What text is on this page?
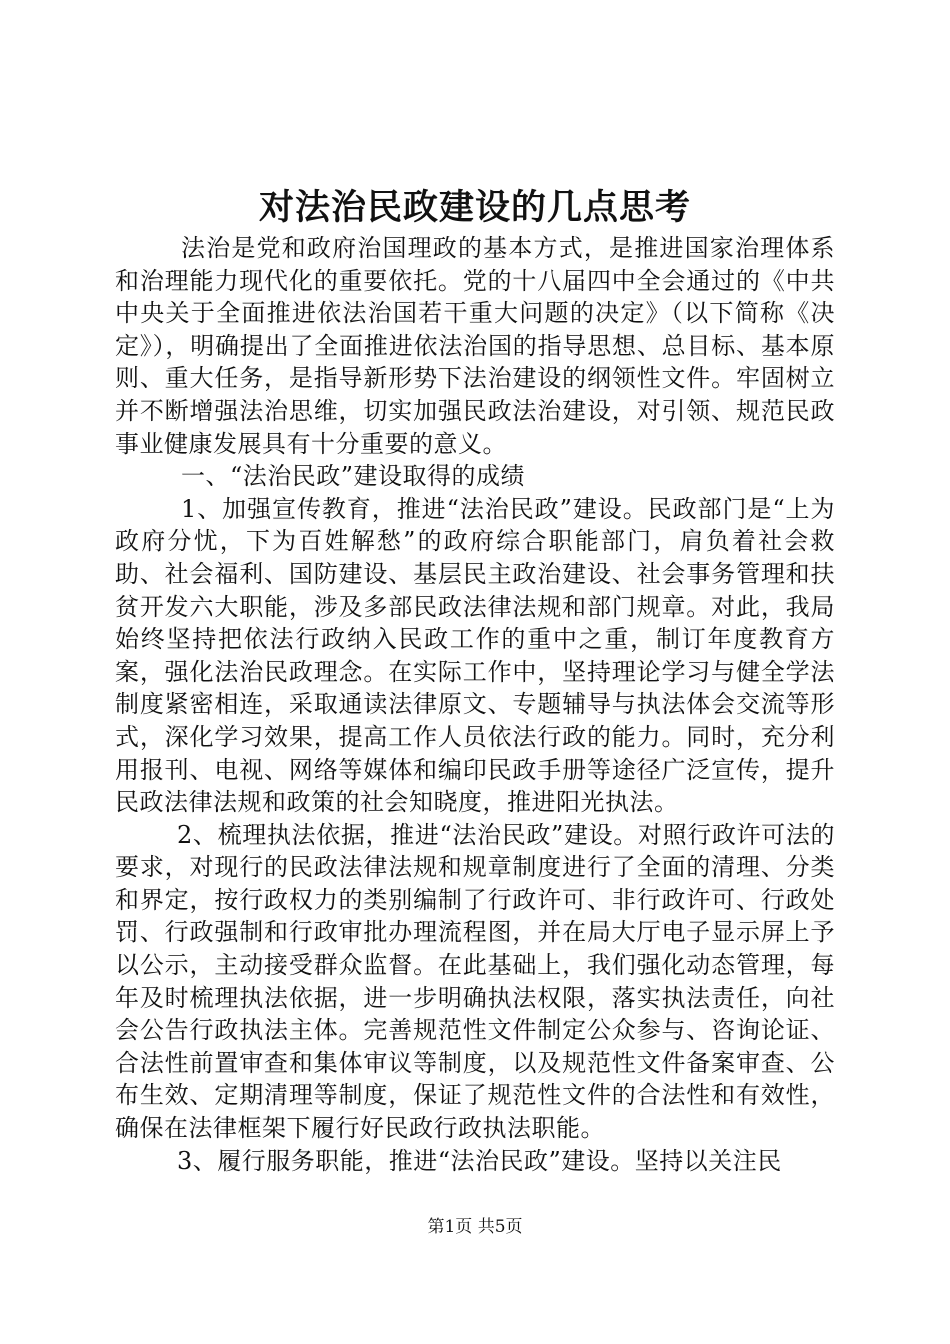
对法治民政建设的几点思考

法治是党和政府治国理政的基本方式，是推进国家治理体系和治理能力现代化的重要依托。党的十八届四中全会通过的《中共中央关于全面推进依法治国若干重大问题的决定》（以下简称《决定》），明确提出了全面推进依法治国的指导思想、总目标、基本原则、重大任务，是指导新形势下法治建设的纲领性文件。牢固树立并不断增强法治思维，切实加强民政法治建设，对引领、规范民政事业健康发展具有十分重要的意义。

一、“法治民政”建设取得的成绩

1、加强宣传教育，推进“法治民政”建设。民政部门是“上为政府分忧，下为百姓解愁”的政府综合职能部门，肩负着社会救助、社会福利、国防建设、基层民主政治建设、社会事务管理和扶贫开发六大职能，涉及多部民政法律法规和部门规章。对此，我局始终坚持把依法行政纳入民政工作的重中之重，制订年度教育方案，强化法治民政理念。在实际工作中，坚持理论学习与健全学法制度紧密相连，采取通读法律原文、专题辅导与执法体会交流等形式，深化学习效果，提高工作人员依法行政的能力。同时，充分利用报刊、电视、网络等媒体和编印民政手册等途径广泛宣传，提升民政法律法规和政策的社会知晓度，推进阳光执法。

2、梳理执法依据，推进“法治民政”建设。对照行政许可法的要求，对现行的民政法律法规和规章制度进行了全面的清理、分类和界定，按行政权力的类别编制了行政许可、非行政许可、行政处罚、行政强制和行政审批办理流程图，并在局大厅电子显示屏上予以公示，主动接受群众监督。在此基础上，我们强化动态管理，每年及时梳理执法依据，进一步明确执法权限，落实执法责任，向社会公告行政执法主体。完善规范性文件制定公众参与、咨询论证、合法性前置审查和集体审议等制度，以及规范性文件备案审查、公布生效、定期清理等制度，保证了规范性文件的合法性和有效性，确保在法律框架下履行好民政行政执法职能。

3、履行服务职能，推进“法治民政”建设。坚持以关注民

第1页 共5页
